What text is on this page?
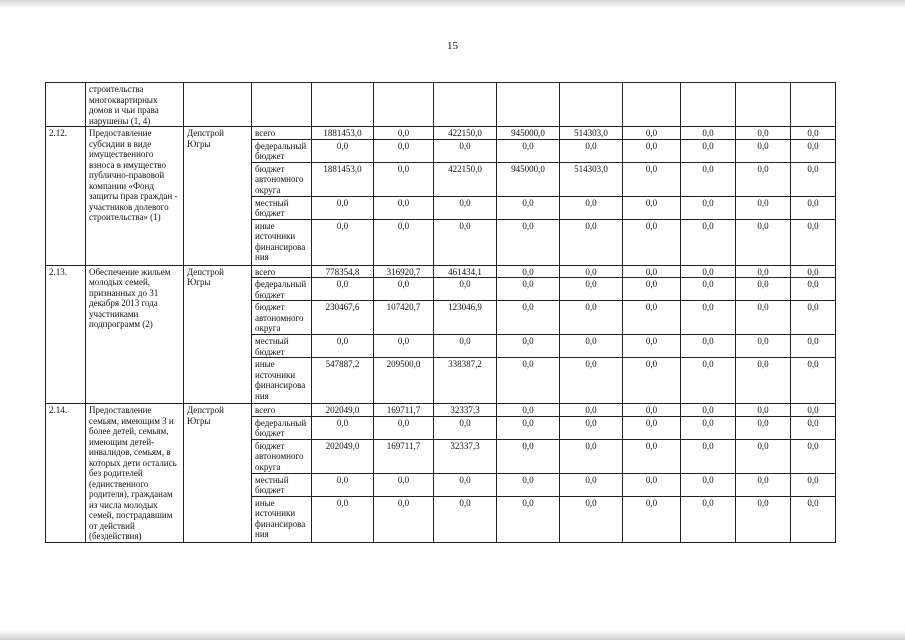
15
	строительства многоквартирных домов и чьи права нарушены (1, 4)											
2.12.	Предоставление субсидии в виде имущественного взноса в имущество публично-правовой компании «Фонд защиты прав граждан - участников долевого строительства» (1)	Депстрой Югры	всего	1881453,0	0,0	422150,0	945000,0	514303,0	0,0	0,0	0,0	0,0
			федеральный бюджет	0,0	0,0	0,0	0,0	0,0	0,0	0,0	0,0	0,0
			бюджет автономного округа	1881453,0	0,0	422150,0	945000,0	514303,0	0,0	0,0	0,0	0,0
			местный бюджет	0,0	0,0	0,0	0,0	0,0	0,0	0,0	0,0	0,0
			иные источники финансирования	0,0	0,0	0,0	0,0	0,0	0,0	0,0	0,0	0,0
2.13.	Обеспечение жильем молодых семей, признанных до 31 декабря 2013 года участниками подпрограмм (2)	Депстрой Югры	всего	778354,8	316920,7	461434,1	0,0	0,0	0,0	0,0	0,0	0,0
			федеральный бюджет	0,0	0,0	0,0	0,0	0,0	0,0	0,0	0,0	0,0
			бюджет автономного округа	230467,6	107420,7	123046,9	0,0	0,0	0,0	0,0	0,0	0,0
			местный бюджет	0,0	0,0	0,0	0,0	0,0	0,0	0,0	0,0	0,0
			иные источники финансирования	547887,2	209500,0	338387,2	0,0	0,0	0,0	0,0	0,0	0,0
2.14.	Предоставление семьям, имеющим 3 и более детей, семьям, имеющим детей-инвалидов, семьям, в которых дети остались без родителей (единственного родителя), гражданам из числа молодых семей, пострадавшим от действий (бездействия)	Депстрой Югры	всего	202049,0	169711,7	32337,3	0,0	0,0	0,0	0,0	0,0	0,0
			федеральный бюджет	0,0	0,0	0,0	0,0	0,0	0,0	0,0	0,0	0,0
			бюджет автономного округа	202049,0	169711,7	32337,3	0,0	0,0	0,0	0,0	0,0	0,0
			местный бюджет	0,0	0,0	0,0	0,0	0,0	0,0	0,0	0,0	0,0
			иные источники финансирования	0,0	0,0	0,0	0,0	0,0	0,0	0,0	0,0	0,0
